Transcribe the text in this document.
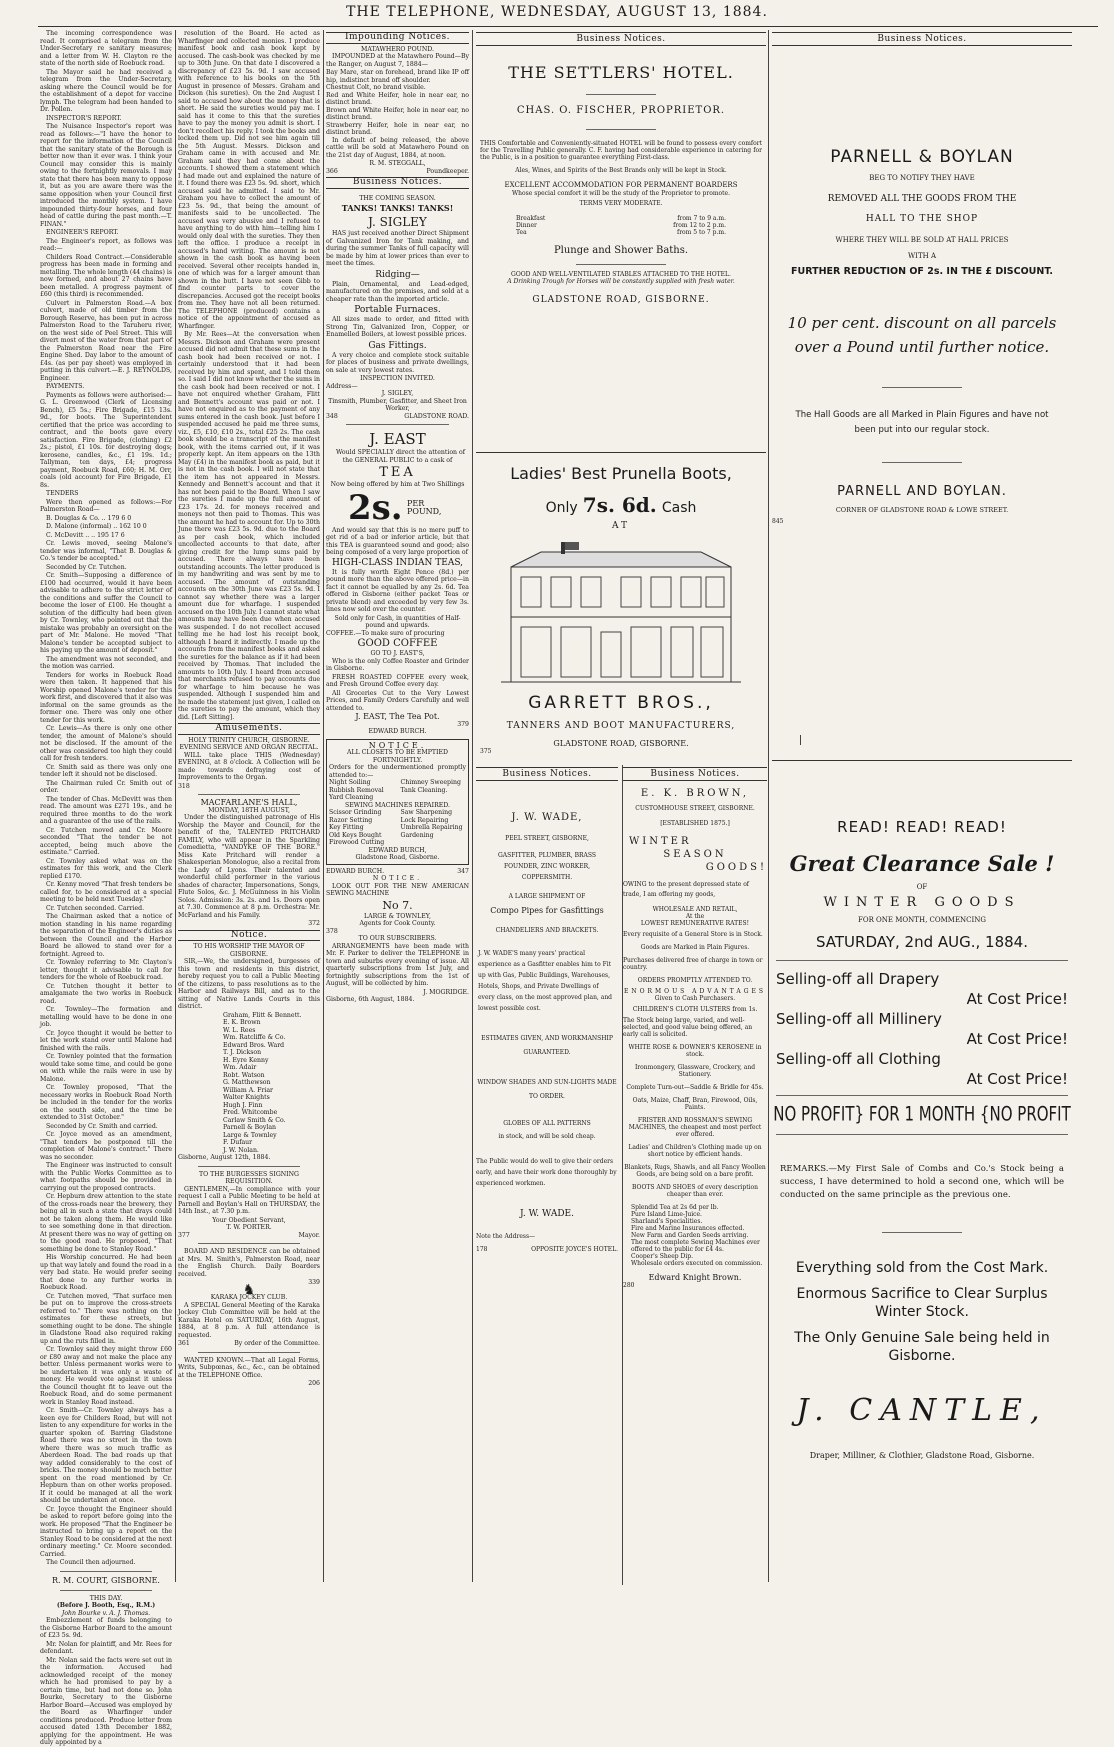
THE TELEPHONE, WEDNESDAY, AUGUST 13, 1884.

The incoming correspondence was read. It comprised a telegram from the Under-Secretary re sanitary measures; and a letter from W. H. Clayton re the state of the north side of Roebuck road.

The Mayor said he had received a telegram from the Under-Secretary, asking where the Council would be for the establishment of a depot for vaccine lymph. The telegram had been handed to Dr. Pollen.

INSPECTOR'S REPORT.

The Nuisance Inspector's report was read as follows:—"I have the honor to report for the information of the Council that the sanitary state of the Borough is better now than it ever was. I think your Council may consider this is mainly owing to the fortnightly removals. I may state that there has been many to oppose it, but as you are aware there was the same opposition when your Council first introduced the monthly system. I have impounded thirty-four horses, and four head of cattle during the past month.—T. FINAN."

ENGINEER'S REPORT.

The Engineer's report, as follows was read:—

Childers Road Contract.—Considerable progress has been made in forming and metalling. The whole length (44 chains) is now formed, and about 27 chains have been metalled. A progress payment of £60 (this third) is recommended.

Culvert in Palmerston Road.—A box culvert, made of old timber from the Borough Reserve, has been put in across Palmerston Road to the Taruheru river, on the west side of Peel Street. This will divert most of the water from that part of the Palmerston Road near the Fire Engine Shed. Day labor to the amount of £4s. (as per pay sheet) was employed in putting in this culvert.—E. J. REYNOLDS, Engineer.

PAYMENTS.

Payments as follows were authorised:—G. L. Greenwood (Clerk of Licensing Bench), £5 5s.; Fire Brigade, £15 13s. 9d., for boots. The Superintendent certified that the price was according to contract, and the boots gave every satisfaction. Fire Brigade, (clothing) £2 2s.; pistol, £1 10s. for destroying dogs; kerosene, candles, &c., £1 19s. 1d.; Tallyman, ten days, £4; progress payment, Roebuck Road, £60; H. M. Orr, coals (old account) for Fire Brigade, £1 8s.

TENDERS

Were then opened as follows:—For Palmerston Road—

B. Douglas & Co. .. 179 6 0

D. Malone (informal) .. 162 10 0

C. McDevitt .. .. 195 17 6

Cr. Lewis moved, seeing Malone's tender was informal, "That B. Douglas & Co.'s tender be accepted."

Seconded by Cr. Tutchen.

Cr. Smith—Supposing a difference of £100 had occurred, would it have been advisable to adhere to the strict letter of the conditions and suffer the Council to become the loser of £100. He thought a solution of the difficulty had been given by Cr. Townley, who pointed out that the mistake was probably an oversight on the part of Mr. Malone. He moved "That Malone's tender be accepted subject to his paying up the amount of deposit."

The amendment was not seconded, and the motion was carried.

Tenders for works in Roebuck Road were then taken. It happened that his Worship opened Malone's tender for this work first, and discovered that it also was informal on the same grounds as the former one. There was only one other tender for this work.

Cr. Lewis—As there is only one other tender, the amount of Malone's should not be disclosed. If the amount of the other was considered too high they could call for fresh tenders.

Cr. Smith said as there was only one tender left it should not be disclosed.

The Chairman ruled Cr. Smith out of order.

The tender of Chas. McDevitt was then read. The amount was £271 19s., and he required three months to do the work and a guarantee of the use of the rails.

Cr. Tutchen moved and Cr. Moore seconded "That the tender be not accepted, being much above the estimate." Carried.

Cr. Townley asked what was on the estimates for this work, and the Clerk replied £170.

Cr. Kenny moved "That fresh tenders be called for, to be considered at a special meeting to be held next Tuesday."

Cr. Tutchen seconded. Carried.

The Chairman asked that a notice of motion standing in his name regarding the separation of the Engineer's duties as between the Council and the Harbor Board be allowed to stand over for a fortnight. Agreed to.

Cr. Townley referring to Mr. Clayton's letter, thought it advisable to call for tenders for the whole of Roebuck road.

Cr. Tutchen thought it better to amalgamate the two works in Roebuck road.

Cr. Townley—The formation and metalling would have to be done in one job.

Cr. Joyce thought it would be better to let the work stand over until Malone had finished with the rails.

Cr. Townley pointed that the formation would take some time, and could be gone on with while the rails were in use by Malone.

Cr. Townley proposed, "That the necessary works in Roebuck Road North be included in the tender for the works on the south side, and the time be extended to 31st October."

Seconded by Cr. Smith and carried.

Cr. Joyce moved as an amendment, "That tenders be postponed till the completion of Malone's contract." There was no seconder.

The Engineer was instructed to consult with the Public Works Committee as to what footpaths should be provided in carrying out the proposed contracts.

Cr. Hepburn drew attention to the state of the cross-roads near the brewery, they being all in such a state that drays could not be taken along them. He would like to see something done in that direction. At present there was no way of getting on to the good road. He proposed, "That something be done to Stanley Road."

His Worship concurred. He had been up that way lately and found the road in a very bad state. He would prefer seeing that done to any further works in Roebuck Road.

Cr. Tutchen moved, "That surface men be put on to improve the cross-streets referred to." There was nothing on the estimates for these streets, but something ought to be done. The shingle in Gladstone Road also required raking up and the ruts filled in.

Cr. Townley said they might throw £60 or £80 away and not make the place any better. Unless permanent works were to be undertaken it was only a waste of money. He would vote against it unless the Council thought fit to leave out the Roebuck Road, and do some permanent work in Stanley Road instead.

Cr. Smith—Cr. Townley always has a keen eye for Childers Road, but will not listen to any expenditure for works in the quarter spoken of. Barring Gladstone Road there was no street in the town where there was so much traffic as Aberdeen Road. The bad roads up that way added considerably to the cost of bricks. The money should be much better spent on the road mentioned by Cr. Hepburn than on other works proposed. If it could be managed at all the work should be undertaken at once.

Cr. Joyce thought the Engineer should be asked to report before going into the work. He proposed "That the Engineer be instructed to bring up a report on the Stanley Road to be considered at the next ordinary meeting." Cr. Moore seconded. Carried.

The Council then adjourned.

R. M. COURT, GISBORNE.
THIS DAY.
(Before J. Booth, Esq., R.M.)
John Bourke v. A. J. Thomas.

Embezzlement of funds belonging to the Gisborne Harbor Board to the amount of £23 5s. 9d.

Mr. Nolan for plaintiff, and Mr. Rees for defendant.

Mr. Nolan said the facts were set out in the information. Accused had acknowledged receipt of the money which he had promised to pay by a certain time, but had not done so. John Bourke, Secretary to the Gisborne Harbor Board—Accused was employed by the Board as Wharfinger under conditions produced. Produce letter from accused dated 13th December 1882, applying for the appointment. He was duly appointed by a

resolution of the Board. He acted as Wharfinger and collected monies. I produce manifest book and cash book kept by accused. The cash-book was checked by me up to 30th June. On that date I discovered a discrepancy of £23 5s. 9d. I saw accused with reference to his books on the 5th August in presence of Messrs. Graham and Dickson (his sureties). On the 2nd August I said to accused how about the money that is short. He said the sureties would pay me. I said has it come to this that the sureties have to pay the money you admit is short. I don't recollect his reply. I took the books and locked them up. Did not see him again till the 5th August. Messrs. Dickson and Graham came in with accused and Mr. Graham said they had come about the accounts. I showed them a statement which I had made out and explained the nature of it. I found there was £23 5s. 9d. short, which accused said he admitted. I said to Mr. Graham you have to collect the amount of £23 5s. 9d., that being the amount of manifests said to be uncollected. The accused was very abusive and I refused to have anything to do with him—telling him I would only deal with the sureties. They then left the office. I produce a receipt in accused's hand writing. The amount is not shown in the cash book as having been received. Several other receipts handed in, one of which was for a larger amount than shown in the butt. I have not seen Gibb to find counter parts to cover the discrepancies. Accused got the receipt books from me. They have not all been returned. The TELEPHONE (produced) contains a notice of the appointment of accused as Wharfinger.

By Mr. Rees—At the conversation when Messrs. Dickson and Graham were present accused did not admit that these sums in the cash book had been received or not. I certainly understood that it had been received by him and spent, and I told them so. I said I did not know whether the sums in the cash book had been received or not. I have not enquired whether Graham, Flitt and Bennett's account was paid or not. I have not enquired as to the payment of any sums entered in the cash book. Just before I suspended accused he paid me three sums, viz., £5, £10, £10 2s., total £25 2s. The cash book should be a transcript of the manifest book, with the items carried out, if it was properly kept. An item appears on the 13th May (£4) in the manifest book as paid, but it is not in the cash book. I will not state that the item has not appeared in Messrs. Kennedy and Bennett's account and that it has not been paid to the Board. When I saw the sureties I made up the full amount of £23 17s. 2d. for moneys received and moneys not then paid to Thomas. This was the amount he had to account for. Up to 30th June there was £23 5s. 9d. due to the Board as per cash book, which included uncollected accounts to that date, after giving credit for the lump sums paid by accused. There always have been outstanding accounts. The letter produced is in my handwriting and was sent by me to accused. The amount of outstanding accounts on the 30th June was £23 5s. 9d. I cannot say whether there was a larger amount due for wharfage. I suspended accused on the 10th July. I cannot state what amounts may have been due when accused was suspended. I do not recollect accused telling me he had lost his receipt book, although I heard it indirectly. I made up the accounts from the manifest books and asked the sureties for the balance as if it had been received by Thomas. That included the amounts to 10th July. I heard from accused that merchants refused to pay accounts due for wharfage to him because he was suspended. Although I suspended him and he made the statement just given, I called on the sureties to pay the amount, which they did. [Left Sitting].

Amusements.
HOLY TRINITY CHURCH, GISBORNE.
EVENING SERVICE AND ORGAN RECITAL.

WILL take place THIS (Wednesday) EVENING, at 8 o'clock. A Collection will be made towards defraying cost of Improvements to the Organ.

318
MACFARLANE'S HALL,
MONDAY, 18TH AUGUST,

Under the distinguished patronage of His Worship the Mayor and Council, for the benefit of the, TALENTED PRITCHARD FAMILY, who will appear in the Sparkling Comedietta, "VANDYKE OF THE BORE." Miss Kate Pritchard will render a Shakesperian Monologue, also a recital from the Lady of Lyons. Their talented and wonderful child performer in the various shades of character, Impersonations, Songs, Flute Solos, &c. J. McGuinness in his Violin Solos. Admission: 3s. 2s. and 1s. Doors open at 7.30. Commence at 8 p.m. Orchestra: Mr. McFarland and his Family.

372
Notice.
TO HIS WORSHIP THE MAYOR OF GISBORNE.

SIR,—We, the undersigned, burgesses of this town and residents in this district, hereby request you to call a Public Meeting of the citizens, to pass resolutions as to the Harbor and Railways Bill, and as to the sitting of Native Lands Courts in this district.

Graham, Flitt & Bennett.
E. K. Brown
W. L. Rees
Wm. Ratcliffe & Co.
Edward Bros. Ward
T. J. Dickson
H. Eyre Kenny
Wm. Adair
Robt. Watson
G. Matthewson
William A. Friar
Walter Knights
Hugh J. Finn
Fred. Whitcombe
Carlaw Smith & Co.
Parnell & Boylan
Large & Townley
F. Dufaur
J. W. Nolan.
Gisborne, August 12th, 1884.
TO THE BURGESSES SIGNING REQUISITION.

GENTLEMEN,—In compliance with your request I call a Public Meeting to be held at Parnell and Boylan's Hall on THURSDAY, the 14th Inst., at 7.30 p.m.

Your Obedient Servant,
T. W. PORTER.
377	Mayor.

BOARD AND RESIDENCE can be obtained at Mrs. M. Smith's, Palmerston Road, near the English Church. Daily Boarders received.

339
♞
KARAKA JOCKEY CLUB.

A SPECIAL General Meeting of the Karaka Jockey Club Committee will be held at the Karaka Hotel on SATURDAY, 16th August, 1884, at 8 p.m. A full attendance is requested.

361	By order of the Committee.

WANTED KNOWN.—That all Legal Forms, Writs, Subpœnas, &c., &c., can be obtained at the TELEPHONE Office.

206
Impounding Notices.
MATAWHERO POUND.

IMPOUNDED at the Matawhero Pound—By the Ranger, on August 7, 1884—

Bay Mare, star on forehead, brand like IP off hip, indistinct brand off shoulder.
Chestnut Colt, no brand visible.
Red and White Heifer, hole in near ear, no distinct brand.
Brown and White Heifer, hole in near ear, no distinct brand.
Strawberry Heifer, hole in near ear, no distinct brand.

In default of being released, the above cattle will be sold at Matawhero Pound on the 21st day of August, 1884, at noon.

R. M. STEGGALL,
366	Poundkeeper.
Business Notices.
THE COMING SEASON.
TANKS! TANKS! TANKS!
J. SIGLEY

HAS just received another Direct Shipment of Galvanized Iron for Tank making, and during the summer Tanks of full capacity will be made by him at lower prices than ever to meet the times.

Ridging—

Plain, Ornamental, and Lead-edged, manufactured on the premises, and sold at a cheaper rate than the imported article.

Portable Furnaces.

All sizes made to order, and fitted with Strong Tin, Galvanized Iron, Copper, or Enamelled Boilers, at lowest possible prices.

Gas Fittings.

A very choice and complete stock suitable for places of business and private dwellings, on sale at very lowest rates.

INSPECTION INVITED.
Address—
J. SIGLEY,
Tinsmith, Plumber, Gasfitter, and Sheet Iron Worker,
348	GLADSTONE ROAD.
J. EAST

Would SPECIALLY direct the attention of the GENERAL PUBLIC to a cask of

TEA
Now being offered by him at Two Shillings
2s. PER POUND,

And would say that this is no mere puff to get rid of a bad or inferior article, but that this TEA is guaranteed sound and good; also being composed of a very large proportion of

HIGH-CLASS INDIAN TEAS,

It is fully worth Eight Pence (8d.) per pound more than the above offered price—in fact it cannot be equalled by any 2s. 6d. Tea offered in Gisborne (either packet Teas or private blend) and exceeded by very few 3s. lines now sold over the counter.

Sold only for Cash, in quantities of Half-pound and upwards.
COFFEE.—To make sure of procuring
GOOD COFFEE
GO TO J. EAST'S,

Who is the only Coffee Roaster and Grinder in Gisborne.

FRESH ROASTED COFFEE every week, and Fresh Ground Coffee every day.

All Groceries Cut to the Very Lowest Prices, and Family Orders Carefully and well attended to.

J. EAST, The Tea Pot.
379
EDWARD BURCH.
NOTICE.
ALL CLOSETS TO BE EMPTIED FORTNIGHTLY.
Orders for the undermentioned promptly attended to:—
Night Soiling
Rubbish Removal
Yard Cleaning
Chimney Sweeping
Tank Cleaning.
SEWING MACHINES REPAIRED.
Scissor Grinding
Razor Setting
Key Fitting
Old Keys Bought
Firewood Cutting
Saw Sharpening
Lock Repairing
Umbrella Repairing
Gardening
EDWARD BURCH,
Gladstone Road, Gisborne.
EDWARD BURCH.	347
NOTICE.

LOOK OUT FOR THE NEW AMERICAN SEWING MACHINE

No 7.
LARGE & TOWNLEY,
Agents for Cook County.
378
TO OUR SUBSCRIBERS.

ARRANGEMENTS have been made with Mr. F. Parker to deliver the TELEPHONE in town and suburbs every evening of issue. All quarterly subscriptions from 1st July, and fortnightly subscriptions from the 1st of August, will be collected by him.

J. MOGRIDGE.
Gisborne, 6th August, 1884.
Business Notices.
THE SETTLERS' HOTEL.
CHAS. O. FISCHER, PROPRIETOR.

THIS Comfortable and Conveniently-situated HOTEL will be found to possess every comfort for the Travelling Public generally. C. F. having had considerable experience in catering for the Public, is in a position to guarantee everything First-class.

Ales, Wines, and Spirits of the Best Brands only will be kept in Stock.

EXCELLENT ACCOMMODATION FOR PERMANENT BOARDERS
Whose special comfort it will be the study of the Proprietor to promote.
TERMS VERY MODERATE.
Breakfast	from 7 to 9 a.m.
Dinner	from 12 to 2 p.m.
Tea	from 5 to 7 p.m.
Plunge and Shower Baths.
GOOD AND WELL-VENTILATED STABLES ATTACHED TO THE HOTEL.
A Drinking Trough for Horses will be constantly supplied with fresh water.
GLADSTONE ROAD, GISBORNE.
Ladies' Best Prunella Boots,
Only 7s. 6d. Cash
AT
GARRETT BROS.,
TANNERS AND BOOT MANUFACTURERS,
GLADSTONE ROAD, GISBORNE.
375
Business Notices.
J. W. WADE,
PEEL STREET, GISBORNE,
GASFITTER, PLUMBER, BRASS
FOUNDER, ZINC WORKER,
COPPERSMITH.
A LARGE SHIPMENT OF
Compo Pipes for Gasfittings
CHANDELIERS AND BRACKETS.

J. W. WADE'S many years' practical experience as a Gasfitter enables him to Fit up with Gas, Public Buildings, Warehouses, Hotels, Shops, and Private Dwellings of every class, on the most approved plan, and lowest possible cost.

ESTIMATES GIVEN, AND WORKMANSHIP GUARANTEED.
WINDOW SHADES AND SUN-LIGHTS MADE TO ORDER.
GLOBES OF ALL PATTERNS
in stock, and will be sold cheap.

The Public would do well to give their orders early, and have their work done thoroughly by experienced workmen.

J. W. WADE.
Note the Address—
178	OPPOSITE JOYCE'S HOTEL.
Business Notices.
E. K. BROWN,
CUSTOMHOUSE STREET, GISBORNE.
[ESTABLISHED 1875.]
WINTER
SEASON
GOODS!

OWING to the present depressed state of trade, I am offering my goods,

WHOLESALE AND RETAIL,
At the
LOWEST REMUNERATIVE RATES!

Every requisite of a General Store is in Stock.

Goods are Marked in Plain Figures.

Purchases delivered free of charge in town or country.

ORDERS PROMPTLY ATTENDED TO.
ENORMOUS ADVANTAGES
Given to Cash Purchasers.
CHILDREN'S CLOTH ULSTERS from 1s.

The Stock being large, varied, and well-selected, and good value being offered, an early call is solicited.

WHITE ROSE & DOWNER'S KEROSENE in stock.

Ironmongery, Glassware, Crockery, and Stationery.

Complete Turn-out—Saddle & Bridle for 45s.

Oats, Maize, Chaff, Bran, Firewood, Oils, Paints.

FRISTER AND ROSSMAN'S SEWING MACHINES, the cheapest and most perfect ever offered.

Ladies' and Children's Clothing made up on short notice by efficient hands.

Blankets, Rugs, Shawls, and all Fancy Woollen Goods, are being sold on a bare profit.

BOOTS AND SHOES of every description cheaper than ever.

Splendid Tea at 2s 6d per lb.
Pure Island Lime-Juice.
Sharland's Specialities.
Fire and Marine Insurances effected.
New Farm and Garden Seeds arriving.
The most complete Sewing Machines ever offered to the public for £4 4s.
Cooper's Sheep Dip.
Wholesale orders executed on commission.
Edward Knight Brown.
280
Business Notices.
PARNELL & BOYLAN
BEG TO NOTIFY THEY HAVE
REMOVED ALL THE GOODS FROM THE
HALL TO THE SHOP
WHERE THEY WILL BE SOLD AT HALL PRICES
WITH A
FURTHER REDUCTION OF 2s. IN THE £ DISCOUNT.
10 per cent. discount on all parcels
over a Pound until further notice.

The Hall Goods are all Marked in Plain Figures and have not been put into our regular stock.

PARNELL AND BOYLAN.
CORNER OF GLADSTONE ROAD & LOWE STREET.
845
READ! READ! READ!
Great Clearance Sale !
OF
WINTER GOODS
FOR ONE MONTH, COMMENCING
SATURDAY, 2nd AUG., 1884.
Selling-off all Drapery
At Cost Price!
Selling-off all Millinery
At Cost Price!
Selling-off all Clothing
At Cost Price!
NO PROFIT} FOR 1 MONTH {NO PROFIT

REMARKS.—My First Sale of Combs and Co.'s Stock being a success, I have determined to hold a second one, which will be conducted on the same principle as the previous one.

Everything sold from the Cost Mark.
Enormous Sacrifice to Clear Surplus Winter Stock.
The Only Genuine Sale being held in Gisborne.
J. CANTLE,
Draper, Milliner, & Clothier, Gladstone Road, Gisborne.
